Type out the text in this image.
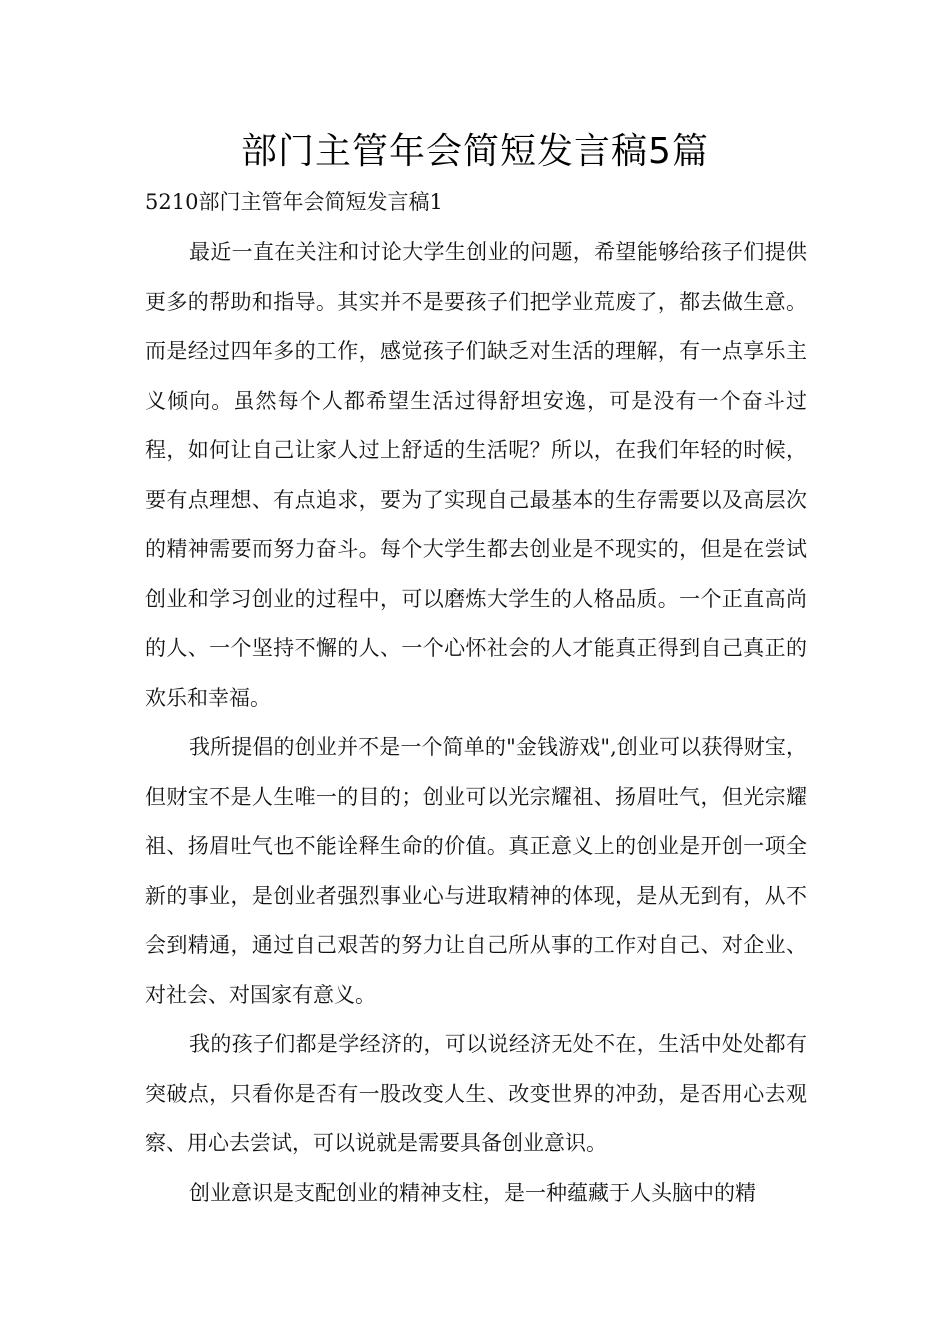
部门主管年会简短发言稿5篇

5210部门主管年会简短发言稿1

最近一直在关注和讨论大学生创业的问题，希望能够给孩子们提供更多的帮助和指导。其实并不是要孩子们把学业荒废了，都去做生意。而是经过四年多的工作，感觉孩子们缺乏对生活的理解，有一点享乐主义倾向。虽然每个人都希望生活过得舒坦安逸，可是没有一个奋斗过程，如何让自己让家人过上舒适的生活呢？所以，在我们年轻的时候，要有点理想、有点追求，要为了实现自己最基本的生存需要以及高层次的精神需要而努力奋斗。每个大学生都去创业是不现实的，但是在尝试创业和学习创业的过程中，可以磨炼大学生的人格品质。一个正直高尚的人、一个坚持不懈的人、一个心怀社会的人才能真正得到自己真正的欢乐和幸福。

我所提倡的创业并不是一个简单的"金钱游戏",创业可以获得财宝，但财宝不是人生唯一的目的；创业可以光宗耀祖、扬眉吐气，但光宗耀祖、扬眉吐气也不能诠释生命的价值。真正意义上的创业是开创一项全新的事业，是创业者强烈事业心与进取精神的体现，是从无到有，从不会到精通，通过自己艰苦的努力让自己所从事的工作对自己、对企业、对社会、对国家有意义。

我的孩子们都是学经济的，可以说经济无处不在，生活中处处都有突破点，只看你是否有一股改变人生、改变世界的冲劲，是否用心去观察、用心去尝试，可以说就是需要具备创业意识。

创业意识是支配创业的精神支柱，是一种蕴藏于人头脑中的精
